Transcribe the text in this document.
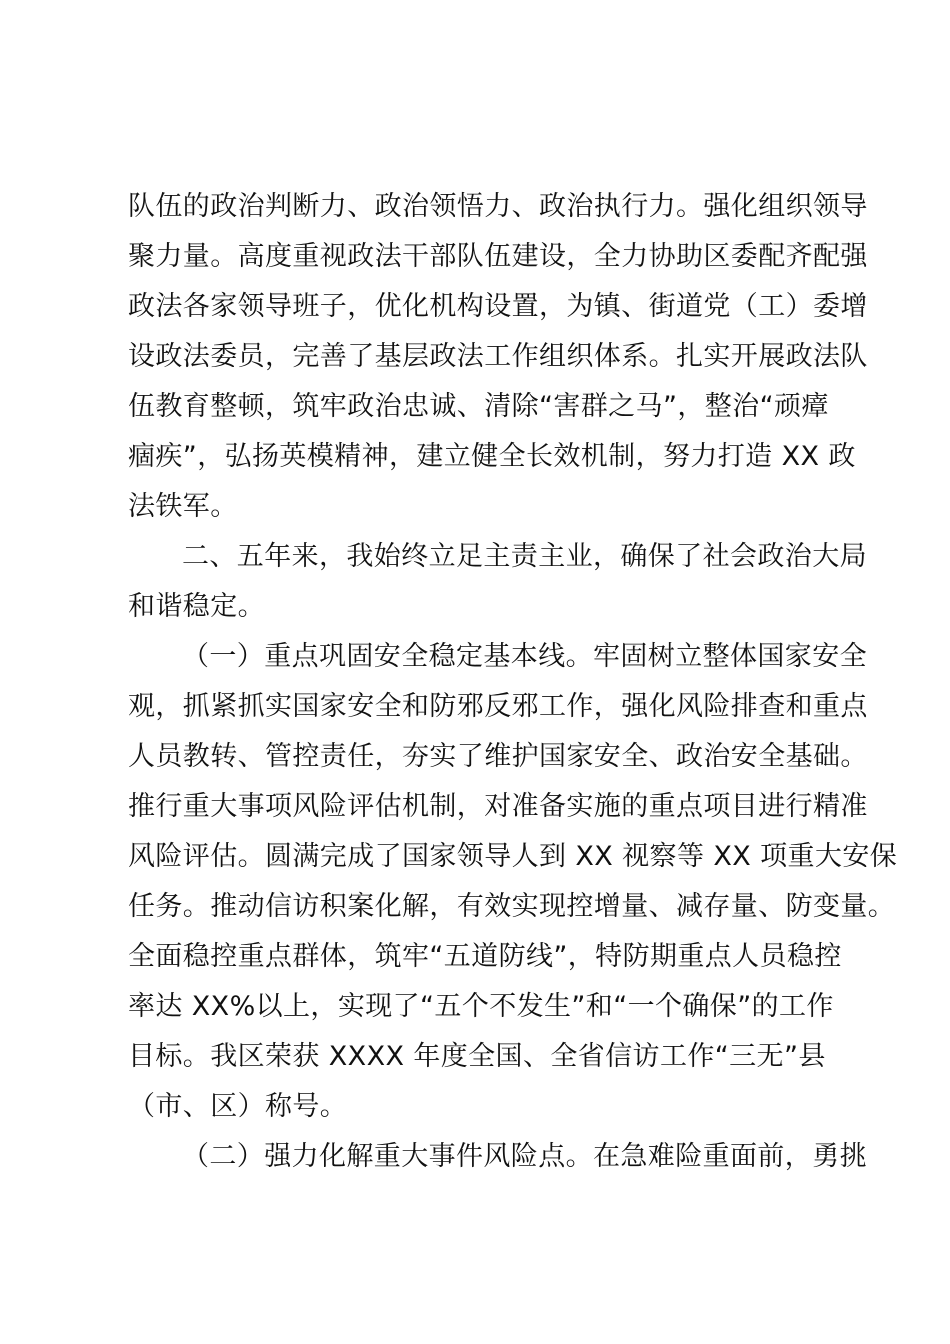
队伍的政治判断力、政治领悟力、政治执行力。强化组织领导
聚力量。高度重视政法干部队伍建设，全力协助区委配齐配强
政法各家领导班子，优化机构设置，为镇、街道党（工）委增
设政法委员，完善了基层政法工作组织体系。扎实开展政法队
伍教育整顿，筑牢政治忠诚、清除“害群之马”，整治“顽瘴
痼疾”，弘扬英模精神，建立健全长效机制，努力打造 XX 政
法铁军。
二、五年来，我始终立足主责主业，确保了社会政治大局
和谐稳定。
（一）重点巩固安全稳定基本线。牢固树立整体国家安全
观，抓紧抓实国家安全和防邪反邪工作，强化风险排查和重点
人员教转、管控责任，夯实了维护国家安全、政治安全基础。
推行重大事项风险评估机制，对准备实施的重点项目进行精准
风险评估。圆满完成了国家领导人到 XX 视察等 XX 项重大安保
任务。推动信访积案化解，有效实现控增量、减存量、防变量。
全面稳控重点群体，筑牢“五道防线”，特防期重点人员稳控
率达 XX%以上，实现了“五个不发生”和“一个确保”的工作
目标。我区荣获 XXXX 年度全国、全省信访工作“三无”县
（市、区）称号。
（二）强力化解重大事件风险点。在急难险重面前，勇挑
